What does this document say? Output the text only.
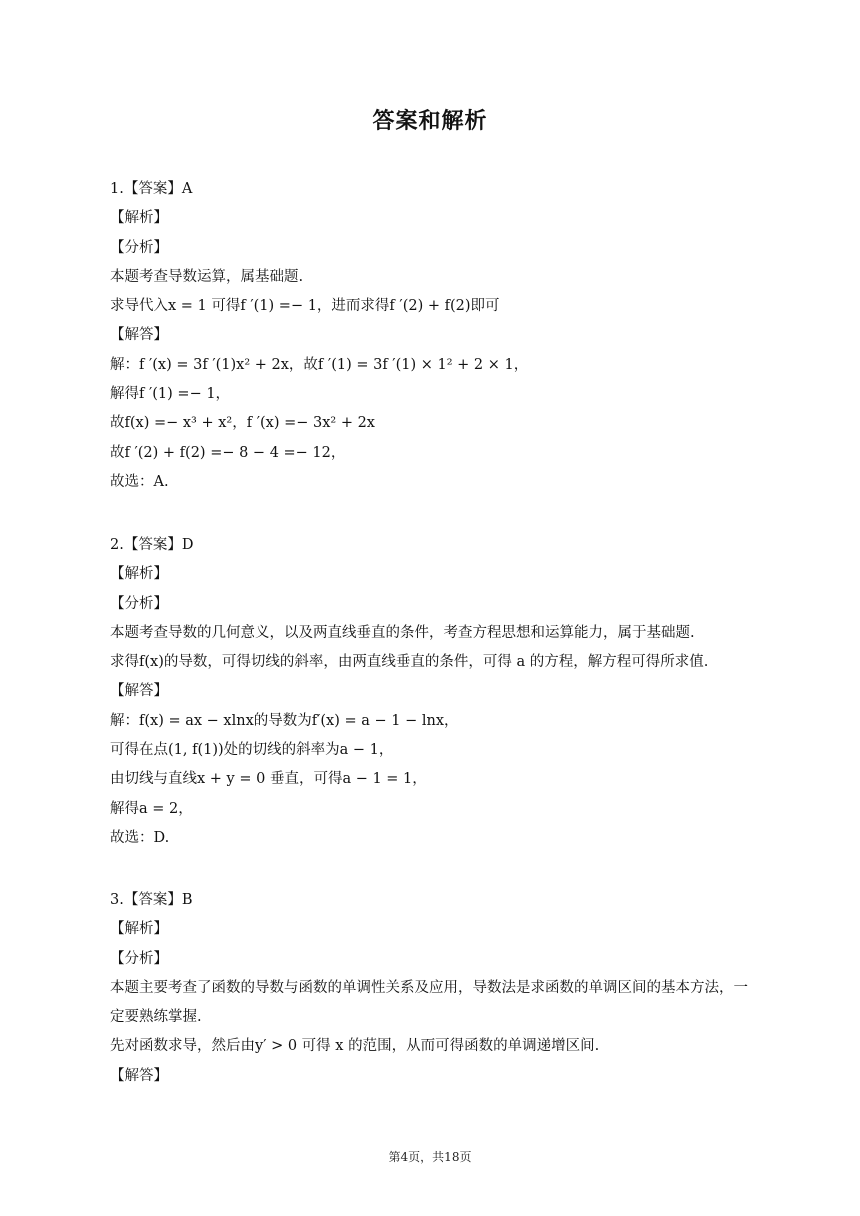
答案和解析
1.【答案】A
【解析】
【分析】
本题考查导数运算，属基础题.
求导代入x = 1 可得f ′(1) =− 1，进而求得f ′(2) + f(2)即可
【解答】
解：f ′(x) = 3f ′(1)x² + 2x，故f ′(1) = 3f ′(1) × 1² + 2 × 1，
解得f ′(1) =− 1，
故f(x) =− x³ + x²，f ′(x) =− 3x² + 2x
故f ′(2) + f(2) =− 8 − 4 =− 12，
故选：A.
2.【答案】D
【解析】
【分析】
本题考查导数的几何意义，以及两直线垂直的条件，考查方程思想和运算能力，属于基础题.
求得f(x)的导数，可得切线的斜率，由两直线垂直的条件，可得 a 的方程，解方程可得所求值.
【解答】
解：f(x) = ax − xlnx的导数为f′(x) = a − 1 − lnx，
可得在点(1, f(1))处的切线的斜率为a − 1，
由切线与直线x + y = 0 垂直，可得a − 1 = 1，
解得a = 2，
故选：D.
3.【答案】B
【解析】
【分析】
本题主要考查了函数的导数与函数的单调性关系及应用，导数法是求函数的单调区间的基本方法，一定要熟练掌握.
先对函数求导，然后由y′ > 0 可得 x 的范围，从而可得函数的单调递增区间.
【解答】
第4页，共18页
